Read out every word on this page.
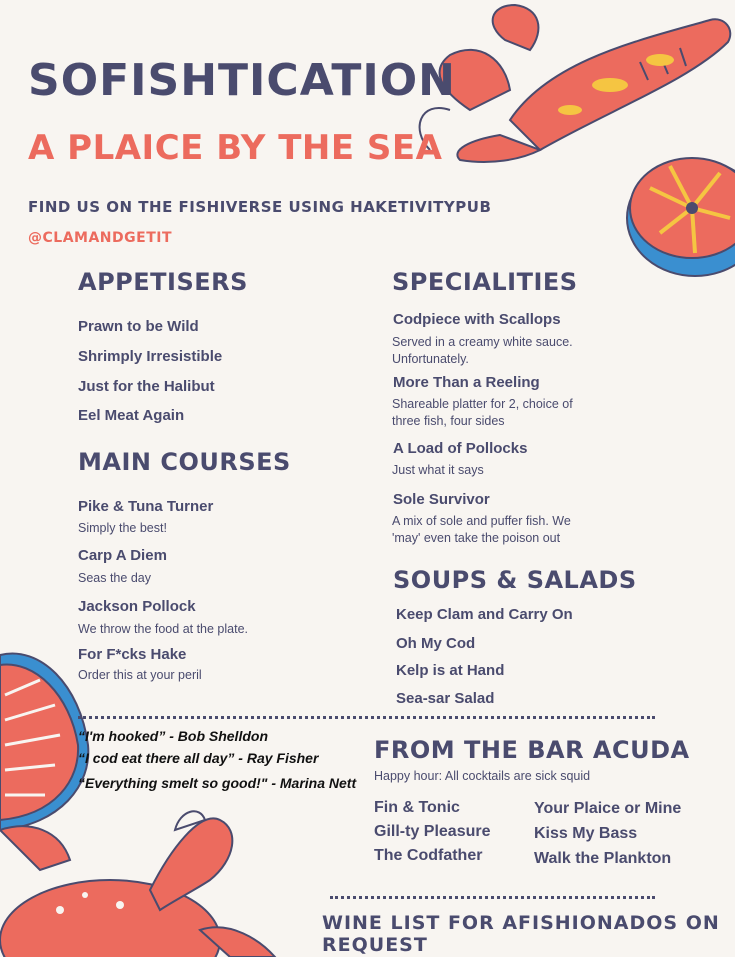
SOFISHTICATION
A PLAICE BY THE SEA
FIND US ON THE FISHIVERSE USING HAKETIVITYPUB
@CLAMANDGETIT
APPETISERS
Prawn to be Wild
Shrimply Irresistible
Just for the Halibut
Eel Meat Again
MAIN COURSES
Pike & Tuna Turner
Simply the best!
Carp A Diem
Seas the day
Jackson Pollock
We throw the food at the plate.
For F*cks Hake
Order this at your peril
SPECIALITIES
Codpiece with Scallops
Served in a creamy white sauce. Unfortunately.
More Than a Reeling
Shareable platter for 2, choice of three fish, four sides
A Load of Pollocks
Just what it says
Sole Survivor
A mix of sole and puffer fish. We 'may' even take the poison out
SOUPS & SALADS
Keep Clam and Carry On
Oh My Cod
Kelp is at Hand
Sea-sar Salad
“I'm hooked” - Bob Shelldon
“I cod eat there all day” - Ray Fisher
“Everything smelt so good!" - Marina Nett
FROM THE BAR ACUDA
Happy hour: All cocktails are sick squid
Fin & Tonic
Gill-ty Pleasure
The Codfather
Your Plaice or Mine
Kiss My Bass
Walk the Plankton
WINE LIST FOR AFISHIONADOS ON REQUEST
